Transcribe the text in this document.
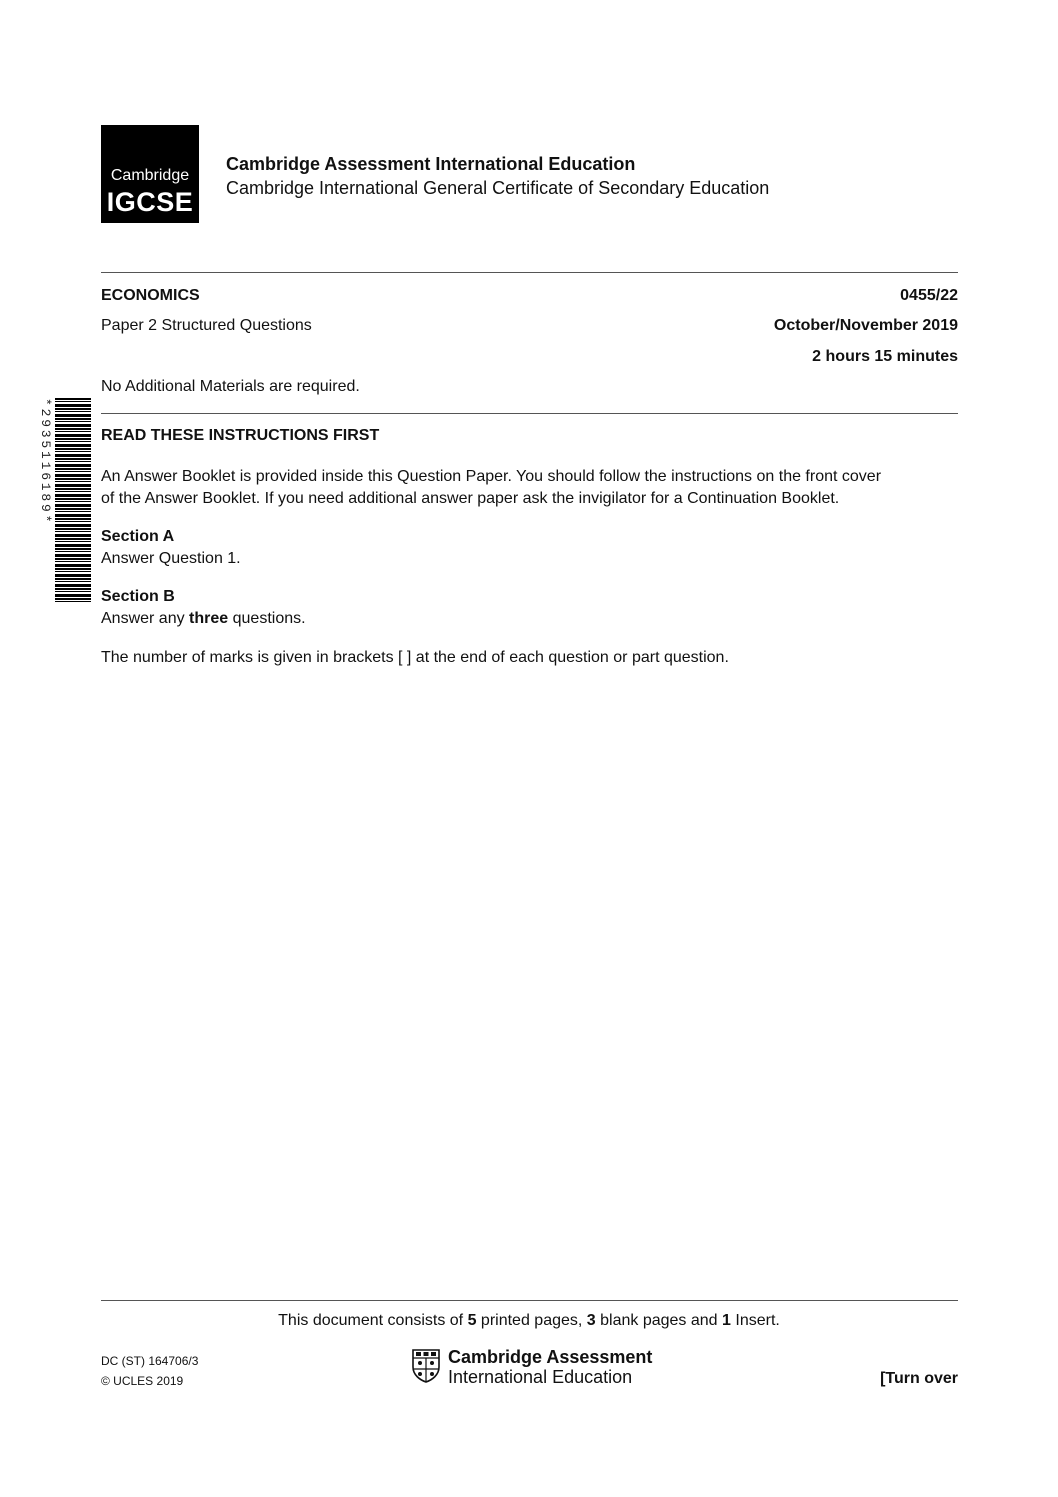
Cambridge
IGCSE
Cambridge Assessment International Education
Cambridge International General Certificate of Secondary Education
ECONOMICS	0455/22
Paper 2 Structured Questions	October/November 2019
2 hours 15 minutes
No Additional Materials are required.
*2935116189*	READ THESE INSTRUCTIONS FIRST
An Answer Booklet is provided inside this Question Paper. You should follow the instructions on the front cover
of the Answer Booklet. If you need additional answer paper ask the invigilator for a Continuation Booklet.
Section A
Answer Question 1.
Section B
Answer any three questions.
The number of marks is given in brackets [ ] at the end of each question or part question.
This document consists of 5 printed pages, 3 blank pages and 1 Insert.
DC (ST) 164706/3
© UCLES 2019
Cambridge Assessment
International Education	[Turn over
